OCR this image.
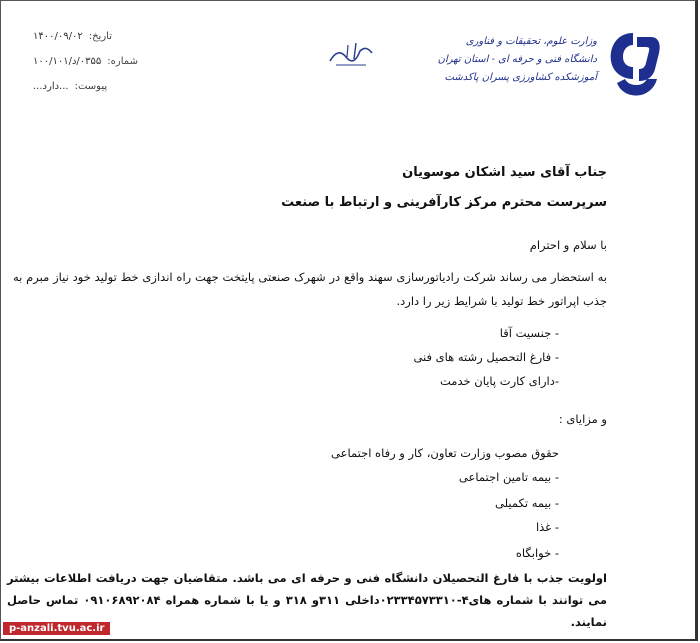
تاریخ:
۱۴۰۰/۰۹/۰۲
شماره:
۰۳۵۵/د/۱۰۰/۱۰۱
پیوست:
...دارد...
وزارت علوم، تحقیقات و فناوری
دانشگاه فنی و حرفه ای - استان تهران
آموزشکده کشاورزی پسران پاکدشت
جناب آقای سید اشکان موسویان
سرپرست محترم مرکز کارآفرینی و ارتباط با صنعت
با سلام و احترام
به استحضار می رساند شرکت رادیاتورسازی سهند واقع در شهرک صنعتی پایتخت جهت راه اندازی خط تولید خود نیاز مبرم به جذب اپراتور خط تولید با شرایط زیر را دارد.
- جنسیت آقا
- فارغ التحصیل رشته های فنی
-دارای کارت پایان خدمت
و مزایای :
حقوق مصوب وزارت تعاون، کار و رفاه اجتماعی
- بیمه تامین اجتماعی
- بیمه تکمیلی
- غذا
- خوابگاه
اولویت جذب با فارغ التحصیلان دانشگاه فنی و حرفه ای می باشد. متقاضیان جهت دریافت اطلاعات بیشتر می توانند با شماره های۴-۰۲۳۳۴۵۷۳۳۱۰داخلی ۳۱۱و ۳۱۸ و یا با شماره همراه ۰۹۱۰۶۸۹۲۰۸۴ تماس حاصل نمایند.
p-anzali.tvu.ac.ir
